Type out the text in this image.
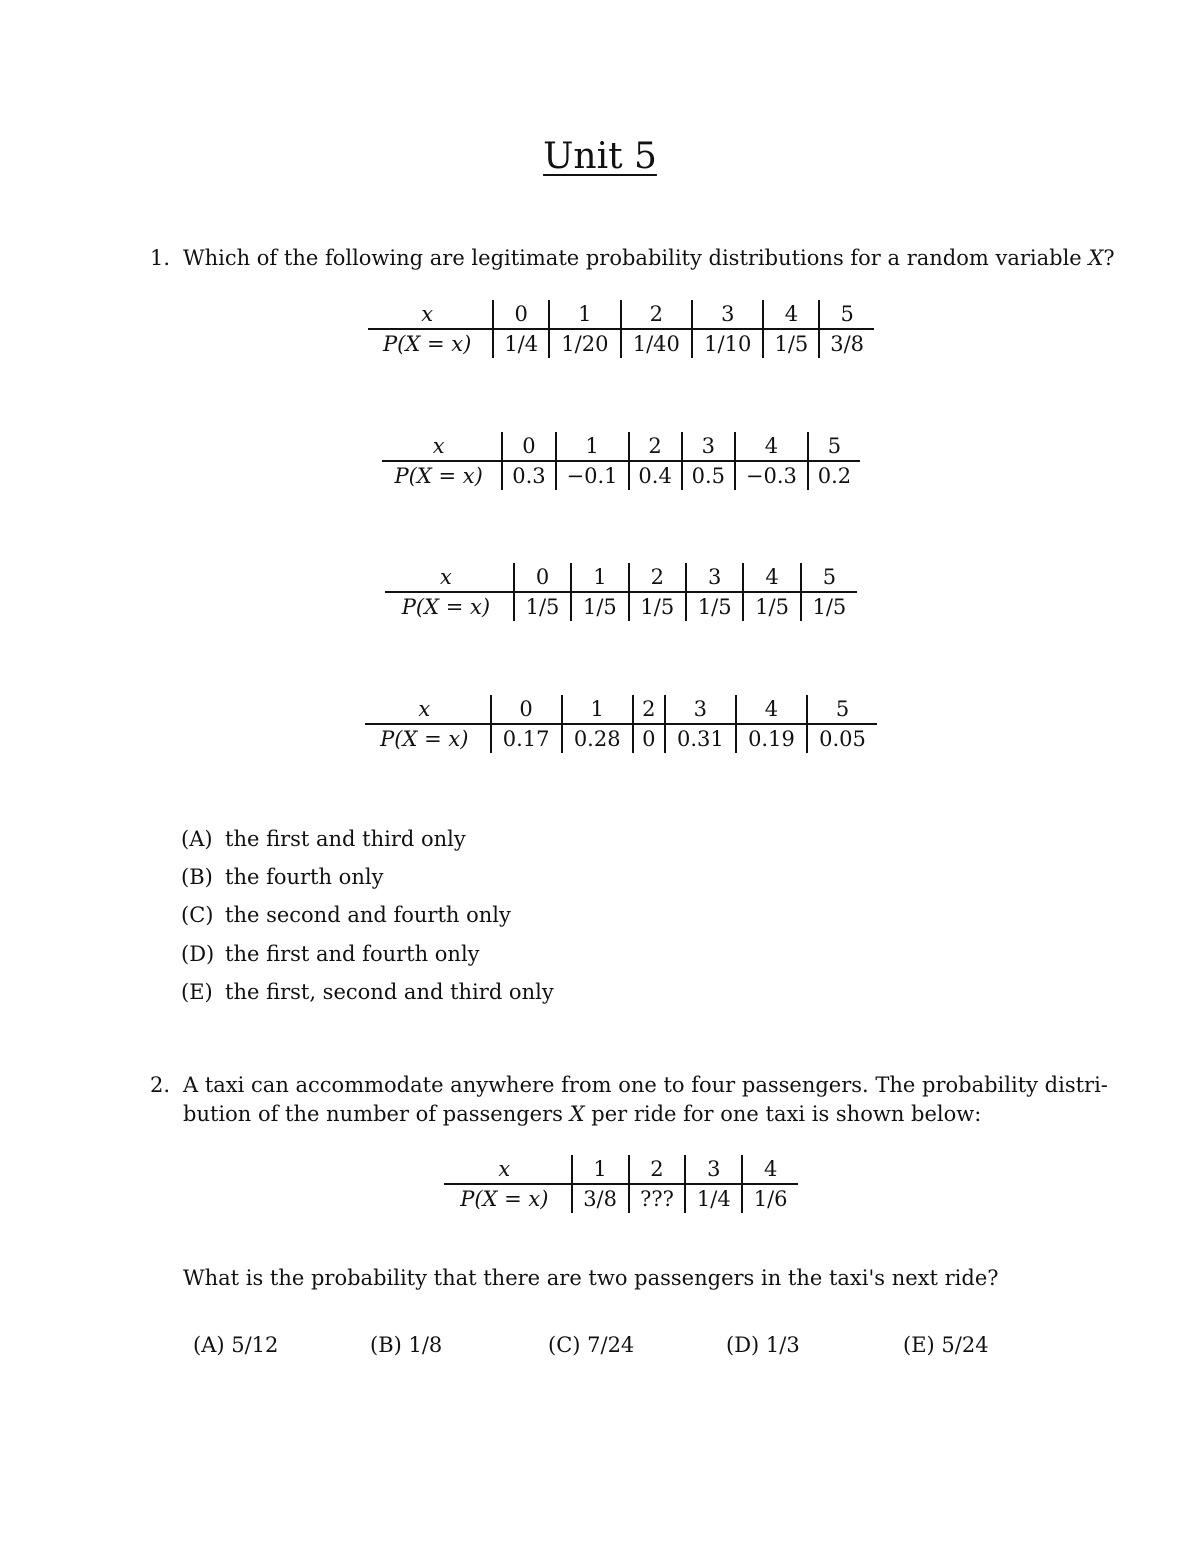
Unit 5
1. Which of the following are legitimate probability distributions for a random variable X?
x	0	1	2	3	4	5
P(X = x)	1/4	1/20	1/40	1/10	1/5	3/8
x	0	1	2	3	4	5
P(X = x)	0.3	−0.1	0.4	0.5	−0.3	0.2
x	0	1	2	3	4	5
P(X = x)	1/5	1/5	1/5	1/5	1/5	1/5
x	0	1	2	3	4	5
P(X = x)	0.17	0.28	0	0.31	0.19	0.05
(A) the first and third only
(B) the fourth only
(C) the second and fourth only
(D) the first and fourth only
(E) the first, second and third only
2. A taxi can accommodate anywhere from one to four passengers. The probability distri-
bution of the number of passengers X per ride for one taxi is shown below:
x	1	2	3	4
P(X = x)	3/8	???	1/4	1/6
What is the probability that there are two passengers in the taxi's next ride?
(A) 5/12	(B) 1/8	(C) 7/24	(D) 1/3	(E) 5/24
